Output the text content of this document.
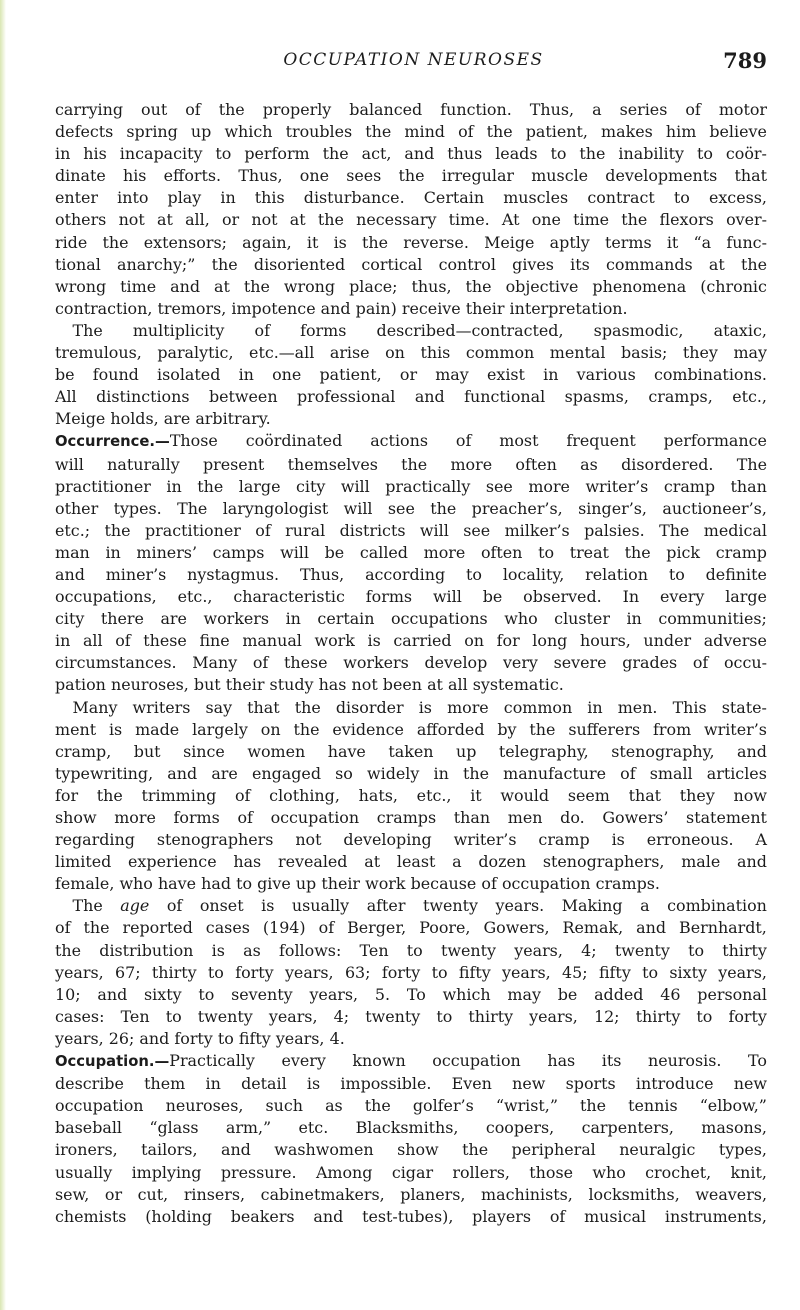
OCCUPATION NEUROSES	789
carrying out of the properly balanced function. Thus, a series of motor
defects spring up which troubles the mind of the patient, makes him believe
in his incapacity to perform the act, and thus leads to the inability to coör-
dinate his efforts. Thus, one sees the irregular muscle developments that
enter into play in this disturbance. Certain muscles contract to excess,
others not at all, or not at the necessary time. At one time the flexors over-
ride the extensors; again, it is the reverse. Meige aptly terms it “a func-
tional anarchy;” the disoriented cortical control gives its commands at the
wrong time and at the wrong place; thus, the objective phenomena (chronic
contraction, tremors, impotence and pain) receive their interpretation.
The multiplicity of forms described—contracted, spasmodic, ataxic,
tremulous, paralytic, etc.—all arise on this common mental basis; they may
be found isolated in one patient, or may exist in various combinations.
All distinctions between professional and functional spasms, cramps, etc.,
Meige holds, are arbitrary.
Occurrence.—Those coördinated actions of most frequent performance
will naturally present themselves the more often as disordered. The
practitioner in the large city will practically see more writer’s cramp than
other types. The laryngologist will see the preacher’s, singer’s, auctioneer’s,
etc.; the practitioner of rural districts will see milker’s palsies. The medical
man in miners’ camps will be called more often to treat the pick cramp
and miner’s nystagmus. Thus, according to locality, relation to definite
occupations, etc., characteristic forms will be observed. In every large
city there are workers in certain occupations who cluster in communities;
in all of these fine manual work is carried on for long hours, under adverse
circumstances. Many of these workers develop very severe grades of occu-
pation neuroses, but their study has not been at all systematic.
Many writers say that the disorder is more common in men. This state-
ment is made largely on the evidence afforded by the sufferers from writer’s
cramp, but since women have taken up telegraphy, stenography, and
typewriting, and are engaged so widely in the manufacture of small articles
for the trimming of clothing, hats, etc., it would seem that they now
show more forms of occupation cramps than men do. Gowers’ statement
regarding stenographers not developing writer’s cramp is erroneous. A
limited experience has revealed at least a dozen stenographers, male and
female, who have had to give up their work because of occupation cramps.
The age of onset is usually after twenty years. Making a combination
of the reported cases (194) of Berger, Poore, Gowers, Remak, and Bernhardt,
the distribution is as follows: Ten to twenty years, 4; twenty to thirty
years, 67; thirty to forty years, 63; forty to fifty years, 45; fifty to sixty years,
10; and sixty to seventy years, 5. To which may be added 46 personal
cases: Ten to twenty years, 4; twenty to thirty years, 12; thirty to forty
years, 26; and forty to fifty years, 4.
Occupation.—Practically every known occupation has its neurosis. To
describe them in detail is impossible. Even new sports introduce new
occupation neuroses, such as the golfer’s “wrist,” the tennis “elbow,”
baseball “glass arm,” etc. Blacksmiths, coopers, carpenters, masons,
ironers, tailors, and washwomen show the peripheral neuralgic types,
usually implying pressure. Among cigar rollers, those who crochet, knit,
sew, or cut, rinsers, cabinetmakers, planers, machinists, locksmiths, weavers,
chemists (holding beakers and test-tubes), players of musical instruments,
